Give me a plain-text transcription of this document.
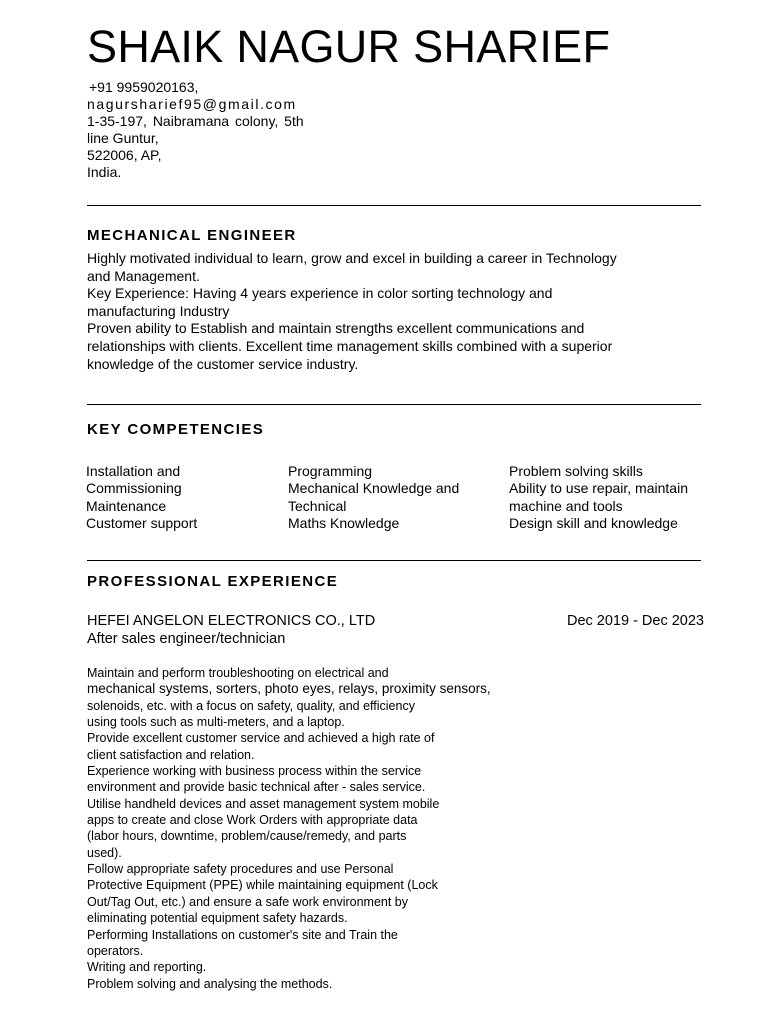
SHAIK NAGUR SHARIEF
+91 9959020163,
nagursharief95@gmail.com
1-35-197, Naibramana colony, 5th
line Guntur,
522006, AP,
India.
MECHANICAL ENGINEER

Highly motivated individual to learn, grow and excel in building a career in Technology and Management.

Key Experience: Having 4 years experience in color sorting technology and manufacturing Industry

Proven ability to Establish and maintain strengths excellent communications and relationships with clients. Excellent time management skills combined with a superior knowledge of the customer service industry.

KEY COMPETENCIES
Installation and
Commissioning
Maintenance
Customer support
Programming
Mechanical Knowledge and
Technical
Maths Knowledge
Problem solving skills
Ability to use repair, maintain
machine and tools
Design skill and knowledge
PROFESSIONAL EXPERIENCE
HEFEI ANGELON ELECTRONICS CO., LTD	Dec 2019 - Dec 2023
After sales engineer/technician
Maintain and perform troubleshooting on electrical and
mechanical systems, sorters, photo eyes, relays, proximity sensors,
solenoids, etc. with a focus on safety, quality, and efficiency
using tools such as multi-meters, and a laptop.
Provide excellent customer service and achieved a high rate of
client satisfaction and relation.
Experience working with business process within the service
environment and provide basic technical after - sales service.
Utilise handheld devices and asset management system mobile
apps to create and close Work Orders with appropriate data
(labor hours, downtime, problem/cause/remedy, and parts
used).
Follow appropriate safety procedures and use Personal
Protective Equipment (PPE) while maintaining equipment (Lock
Out/Tag Out, etc.) and ensure a safe work environment by
eliminating potential equipment safety hazards.
Performing Installations on customer's site and Train the
operators.
Writing and reporting.
Problem solving and analysing the methods.
